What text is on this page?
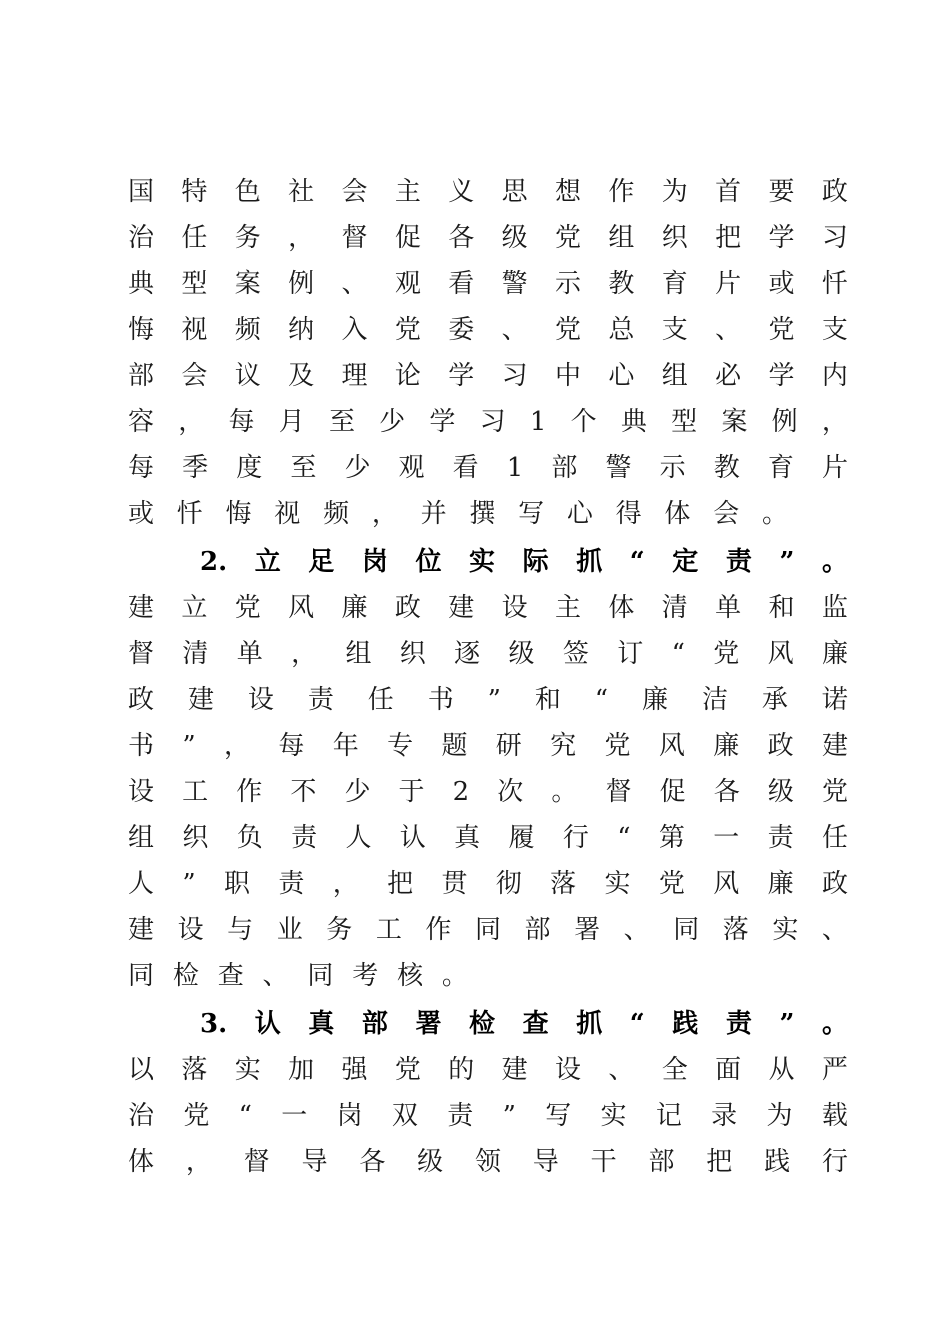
国 特 色 社 会 主 义 思 想 作 为 首 要 政
治 任 务 ， 督 促 各 级 党 组 织 把 学 习
典 型 案 例 、 观 看 警 示 教 育 片 或 忏
悔 视 频 纳 入 党 委 、 党 总 支 、 党 支
部 会 议 及 理 论 学 习 中 心 组 必 学 内
容 ， 每 月 至 少 学 习 1 个 典 型 案 例 ，
每 季 度 至 少 观 看 1 部 警 示 教 育 片
或 忏 悔 视 频 ， 并 撰 写 心 得 体 会 。
2. 立 足 岗 位 实 际 抓 “ 定 责 ” 。
建 立 党 风 廉 政 建 设 主 体 清 单 和 监
督 清 单 ， 组 织 逐 级 签 订 “ 党 风 廉
政 建 设 责 任 书 ” 和 “ 廉 洁 承 诺
书 ” ， 每 年 专 题 研 究 党 风 廉 政 建
设 工 作 不 少 于 2 次 。 督 促 各 级 党
组 织 负 责 人 认 真 履 行 “ 第 一 责 任
人 ” 职 责 ， 把 贯 彻 落 实 党 风 廉 政
建 设 与 业 务 工 作 同 部 署 、 同 落 实 、
同 检 查 、 同 考 核 。
3. 认 真 部 署 检 查 抓 “ 践 责 ” 。
以 落 实 加 强 党 的 建 设 、 全 面 从 严
治 党 “ 一 岗 双 责 ” 写 实 记 录 为 载
体 ， 督 导 各 级 领 导 干 部 把 践 行
